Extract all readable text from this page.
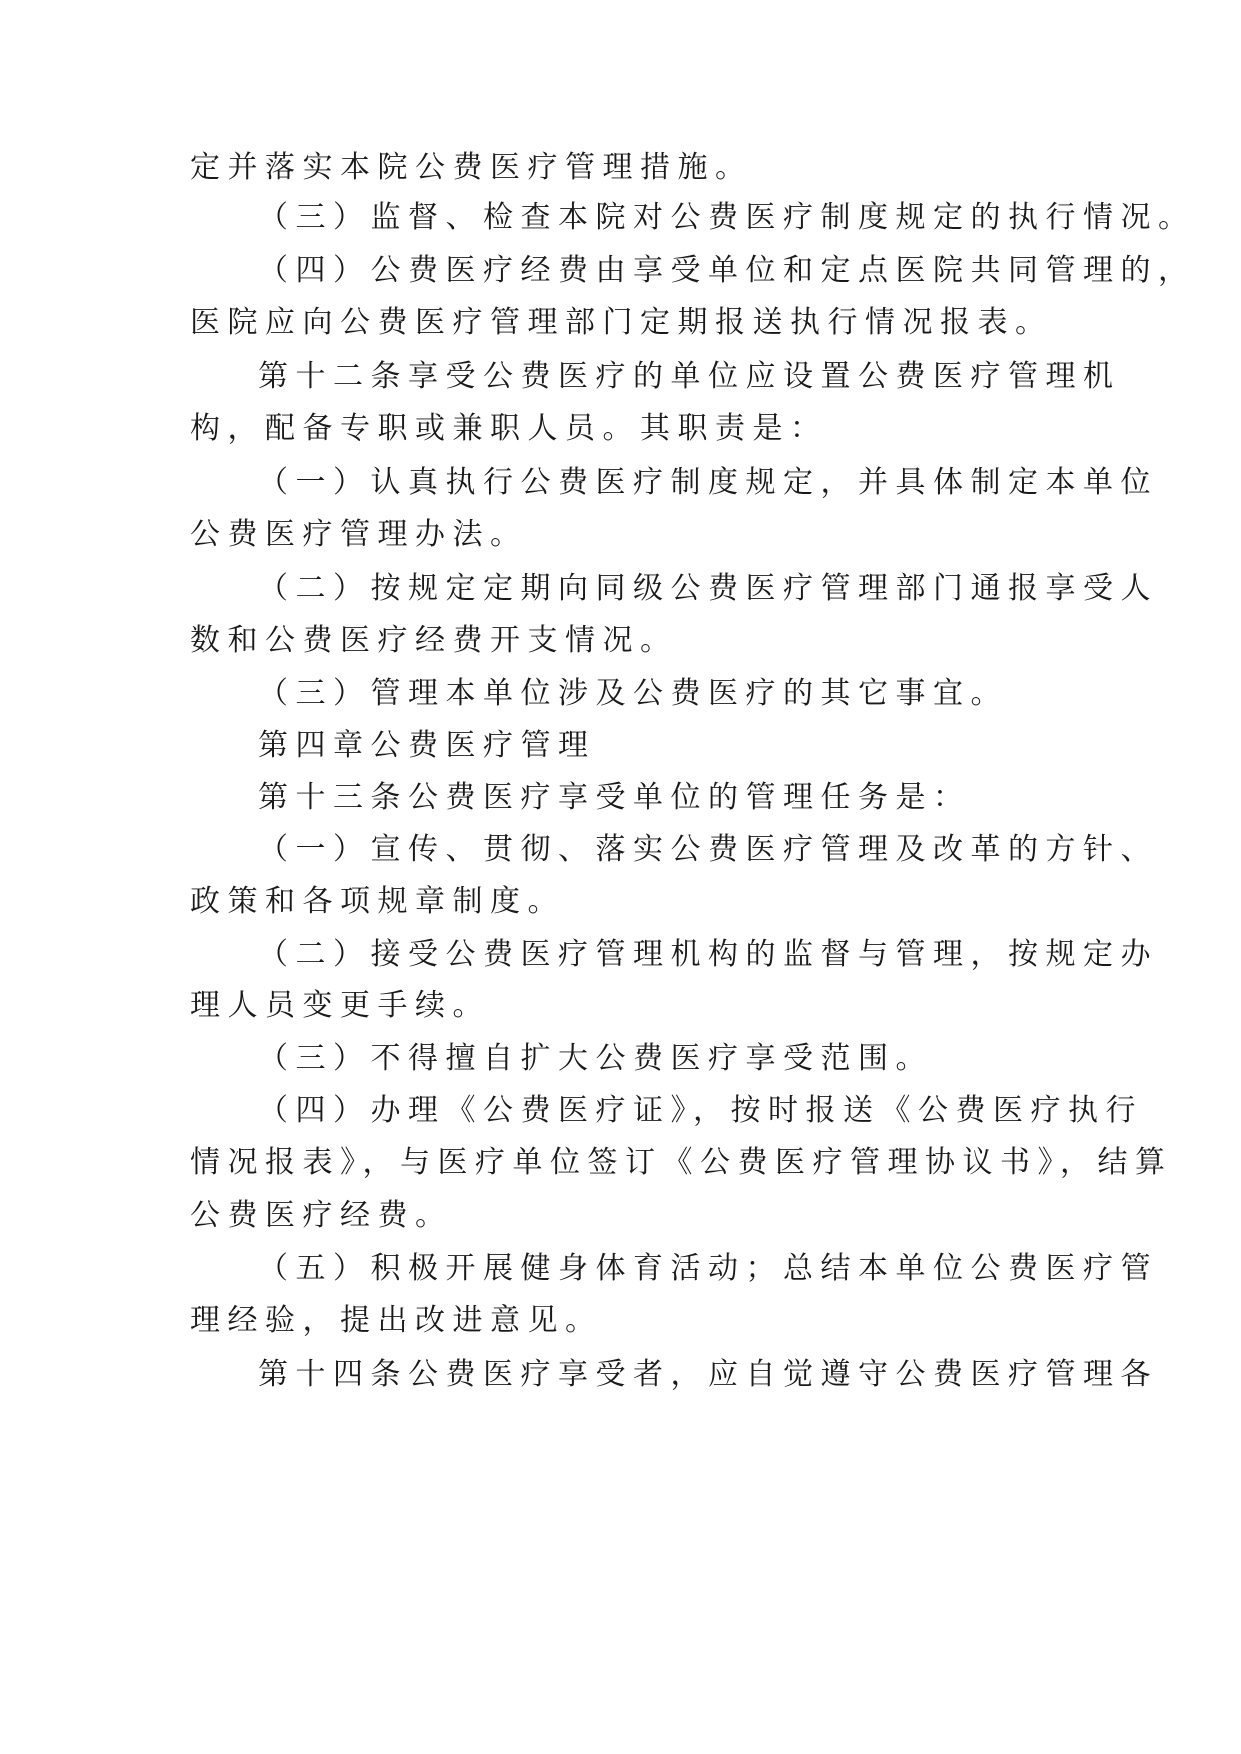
定并落实本院公费医疗管理措施。
（三）监督、检查本院对公费医疗制度规定的执行情况。
（四）公费医疗经费由享受单位和定点医院共同管理的，
医院应向公费医疗管理部门定期报送执行情况报表。
第十二条享受公费医疗的单位应设置公费医疗管理机
构，配备专职或兼职人员。其职责是：
（一）认真执行公费医疗制度规定，并具体制定本单位
公费医疗管理办法。
（二）按规定定期向同级公费医疗管理部门通报享受人
数和公费医疗经费开支情况。
（三）管理本单位涉及公费医疗的其它事宜。
第四章公费医疗管理
第十三条公费医疗享受单位的管理任务是：
（一）宣传、贯彻、落实公费医疗管理及改革的方针、
政策和各项规章制度。
（二）接受公费医疗管理机构的监督与管理，按规定办
理人员变更手续。
（三）不得擅自扩大公费医疗享受范围。
（四）办理《公费医疗证》，按时报送《公费医疗执行
情况报表》，与医疗单位签订《公费医疗管理协议书》，结算
公费医疗经费。
（五）积极开展健身体育活动；总结本单位公费医疗管
理经验，提出改进意见。
第十四条公费医疗享受者，应自觉遵守公费医疗管理各
